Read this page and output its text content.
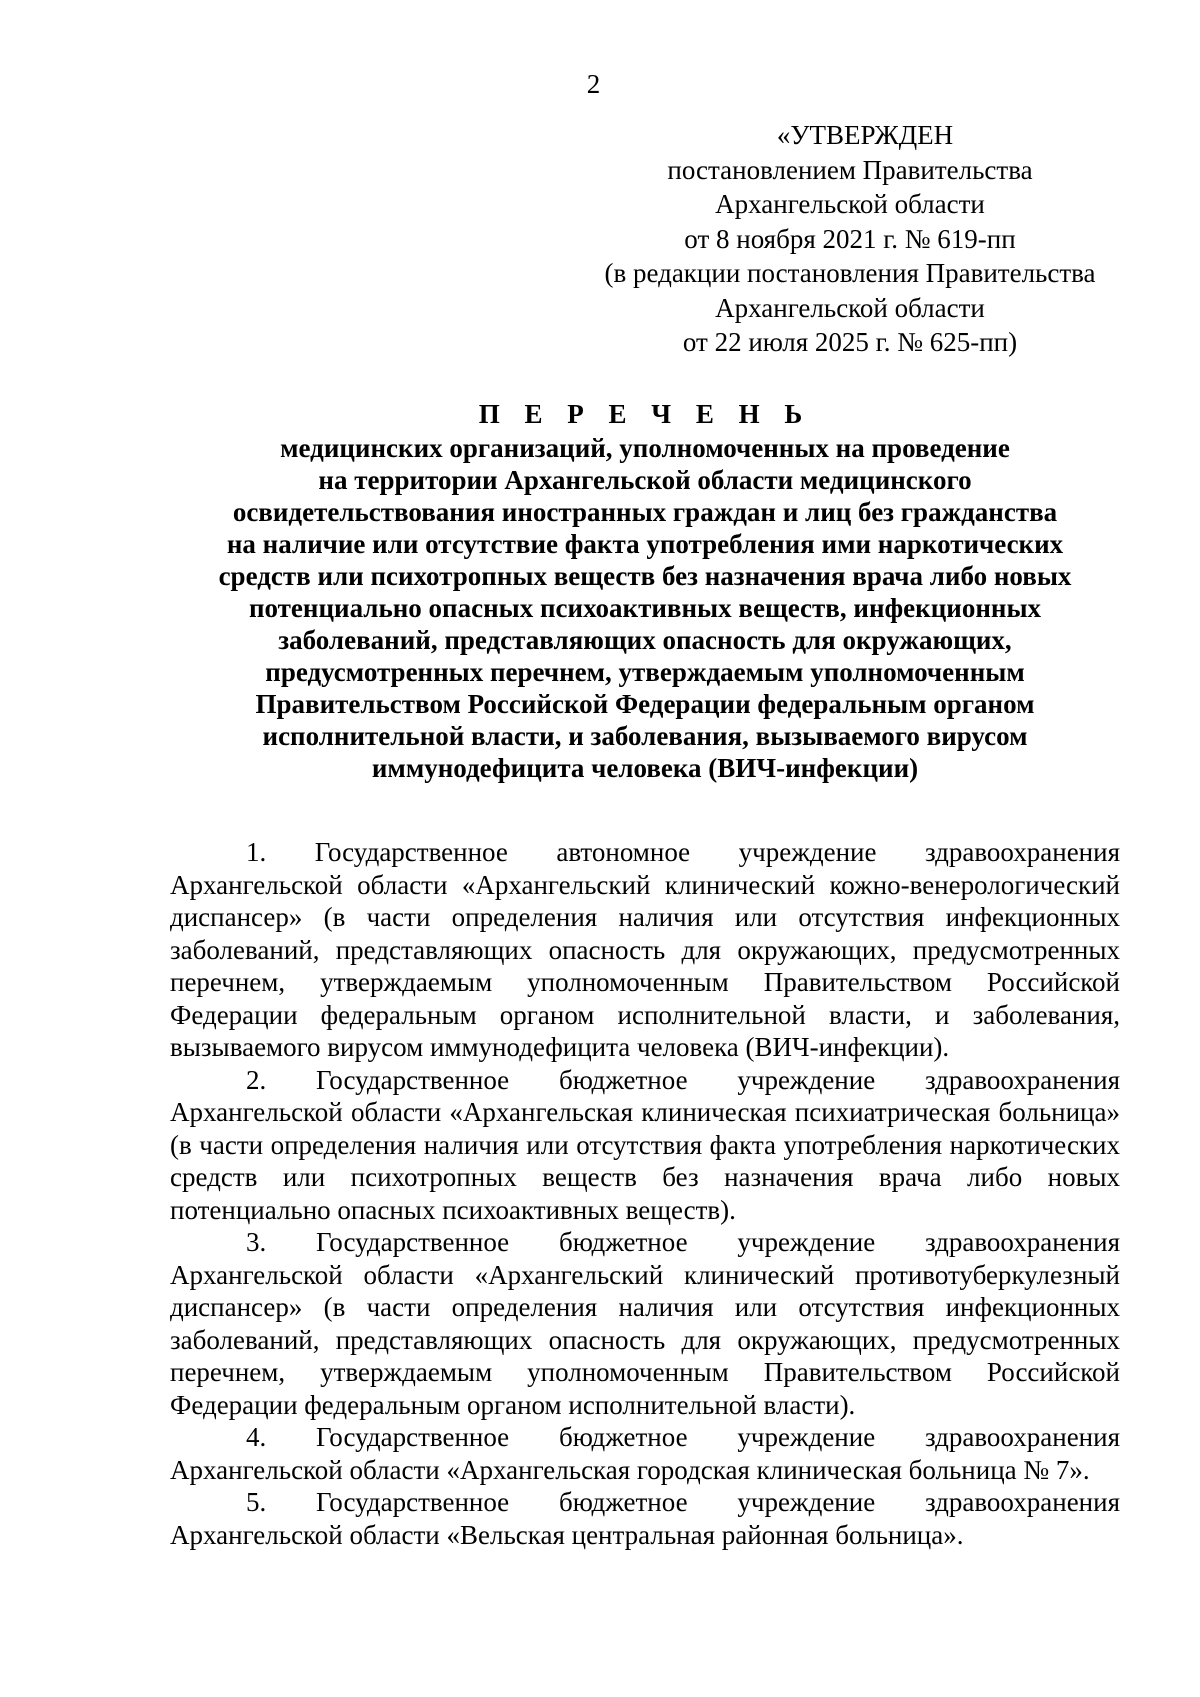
2
«УТВЕРЖДЕН
постановлением Правительства
Архангельской области
от 8 ноября 2021 г. № 619-пп
(в редакции постановления Правительства
Архангельской области
от 22 июля 2025 г. № 625-пп)
П Е Р Е Ч Е Н Ь
медицинских организаций, уполномоченных на проведение
на территории Архангельской области медицинского
освидетельствования иностранных граждан и лиц без гражданства
на наличие или отсутствие факта употребления ими наркотических
средств или психотропных веществ без назначения врача либо новых
потенциально опасных психоактивных веществ, инфекционных
заболеваний, представляющих опасность для окружающих,
предусмотренных перечнем, утверждаемым уполномоченным
Правительством Российской Федерации федеральным органом
исполнительной власти, и заболевания, вызываемого вирусом
иммунодефицита человека (ВИЧ-инфекции)

1. Государственное автономное учреждение здравоохранения Архангельской области «Архангельский клинический кожно-венерологический диспансер» (в части определения наличия или отсутствия инфекционных заболеваний, представляющих опасность для окружающих, предусмотренных перечнем, утверждаемым уполномоченным Правительством Российской Федерации федеральным органом исполнительной власти, и заболевания, вызываемого вирусом иммунодефицита человека (ВИЧ-инфекции).

2. Государственное бюджетное учреждение здравоохранения Архангельской области «Архангельская клиническая психиатрическая больница» (в части определения наличия или отсутствия факта употребления наркотических средств или психотропных веществ без назначения врача либо новых потенциально опасных психоактивных веществ).

3. Государственное бюджетное учреждение здравоохранения Архангельской области «Архангельский клинический противотуберкулезный диспансер» (в части определения наличия или отсутствия инфекционных заболеваний, представляющих опасность для окружающих, предусмотренных перечнем, утверждаемым уполномоченным Правительством Российской Федерации федеральным органом исполнительной власти).

4. Государственное бюджетное учреждение здравоохранения Архангельской области «Архангельская городская клиническая больница № 7».

5. Государственное бюджетное учреждение здравоохранения Архангельской области «Вельская центральная районная больница».
